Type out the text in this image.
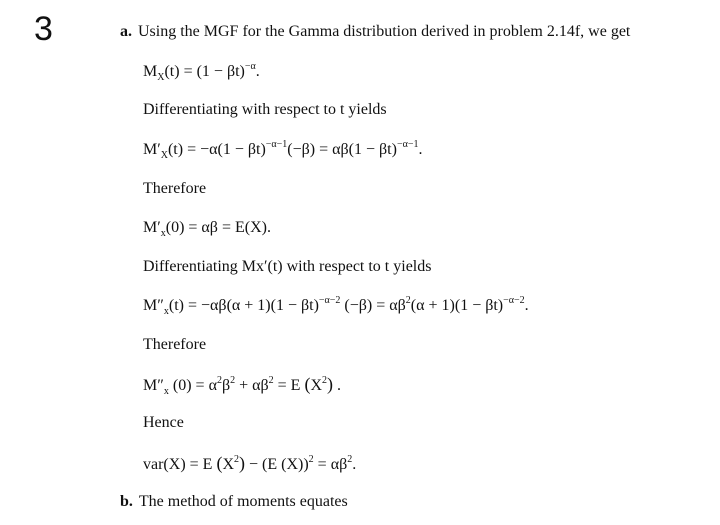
3	a. Using the MGF for the Gamma distribution derived in problem 2.14f, we get
$M_X(t) = (1 - \beta t)^{-\alpha}$.
Differentiating with respect to t yields
$M'_X(t) = -\alpha(1 - \beta t)^{-\alpha-1}(-\beta) = \alpha\beta(1 - \beta t)^{-\alpha-1}$.
Therefore
$M'_x(0) = \alpha\beta = E(X)$.
Differentiating Mx′(t) with respect to t yields
$M''_x(t) = -\alpha\beta(\alpha + 1)(1 - \beta t)^{-\alpha-2}$ $(-\beta) = \alpha\beta^2(\alpha + 1)(1 - \beta t)^{-\alpha-2}$.
Therefore
$M''_x$ $(0) = \alpha^2\beta^2 + \alpha\beta^2 = E$ $(X^2)$ .
Hence
var(X) = E $(X^2) - (E$ $(X))^2 = \alpha\beta^2$.
b. The method of moments equates
